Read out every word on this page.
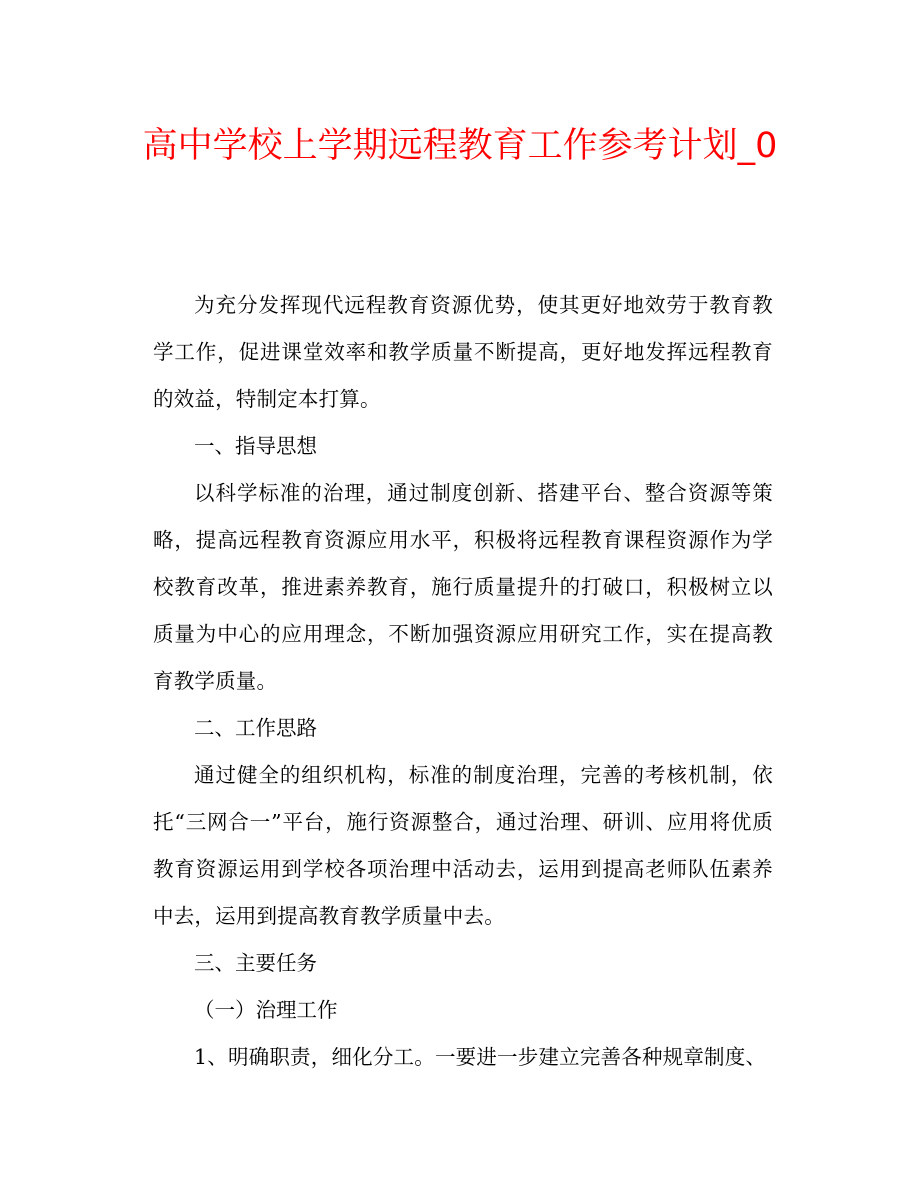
高中学校上学期远程教育工作参考计划_0

为充分发挥现代远程教育资源优势，使其更好地效劳于教育教学工作，促进课堂效率和教学质量不断提高，更好地发挥远程教育的效益，特制定本打算。

一、指导思想

以科学标准的治理，通过制度创新、搭建平台、整合资源等策略，提高远程教育资源应用水平，积极将远程教育课程资源作为学校教育改革，推进素养教育，施行质量提升的打破口，积极树立以质量为中心的应用理念，不断加强资源应用研究工作，实在提高教育教学质量。

二、工作思路

通过健全的组织机构，标准的制度治理，完善的考核机制，依托“三网合一”平台，施行资源整合，通过治理、研训、应用将优质教育资源运用到学校各项治理中活动去，运用到提高老师队伍素养中去，运用到提高教育教学质量中去。

三、主要任务

（一）治理工作

1、明确职责，细化分工。一要进一步建立完善各种规章制度、
